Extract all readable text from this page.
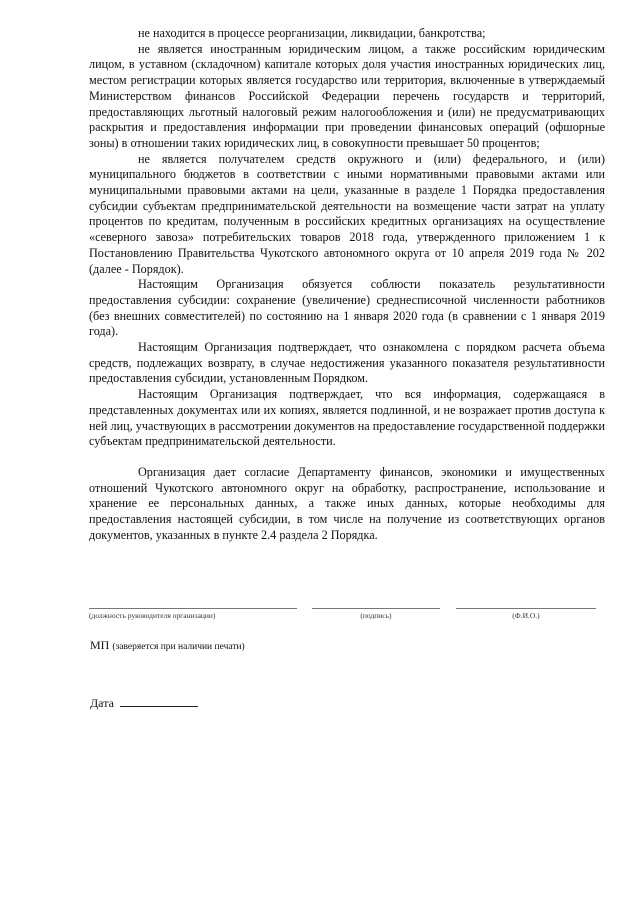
не находится в процессе реорганизации, ликвидации, банкротства;

не является иностранным юридическим лицом, а также российским юридическим лицом, в уставном (складочном) капитале которых доля участия иностранных юридических лиц, местом регистрации которых является государство или территория, включенные в утверждаемый Министерством финансов Российской Федерации перечень государств и территорий, предоставляющих льготный налоговый режим налогообложения и (или) не предусматривающих раскрытия и предоставления информации при проведении финансовых операций (офшорные зоны) в отношении таких юридических лиц, в совокупности превышает 50 процентов;

не является получателем средств окружного и (или) федерального, и (или) муниципального бюджетов в соответствии с иными нормативными правовыми актами или муниципальными правовыми актами на цели, указанные в разделе 1 Порядка предоставления субсидии субъектам предпринимательской деятельности на возмещение части затрат на уплату процентов по кредитам, полученным в российских кредитных организациях на осуществление «северного завоза» потребительских товаров 2018 года, утвержденного приложением 1 к Постановлению Правительства Чукотского автономного округа от 10 апреля 2019 года № 202 (далее - Порядок).

Настоящим Организация обязуется соблюсти показатель результативности предоставления субсидии: сохранение (увеличение) среднесписочной численности работников (без внешних совместителей) по состоянию на 1 января 2020 года (в сравнении с 1 января 2019 года).

Настоящим Организация подтверждает, что ознакомлена с порядком расчета объема средств, подлежащих возврату, в случае недостижения указанного показателя результативности предоставления субсидии, установленным Порядком.

Настоящим Организация подтверждает, что вся информация, содержащаяся в представленных документах или их копиях, является подлинной, и не возражает против доступа к ней лиц, участвующих в рассмотрении документов на предоставление государственной поддержки субъектам предпринимательской деятельности.

Организация дает согласие Департаменту финансов, экономики и имущественных отношений Чукотского автономного округ на обработку, распространение, использование и хранение ее персональных данных, а также иных данных, которые необходимы для предоставления настоящей субсидии, в том числе на получение из соответствующих органов документов, указанных в пункте 2.4 раздела 2 Порядка.

(должность руководителя организации)	(подпись)	(Ф.И.О.)
МП (заверяется при наличии печати)
Дата
